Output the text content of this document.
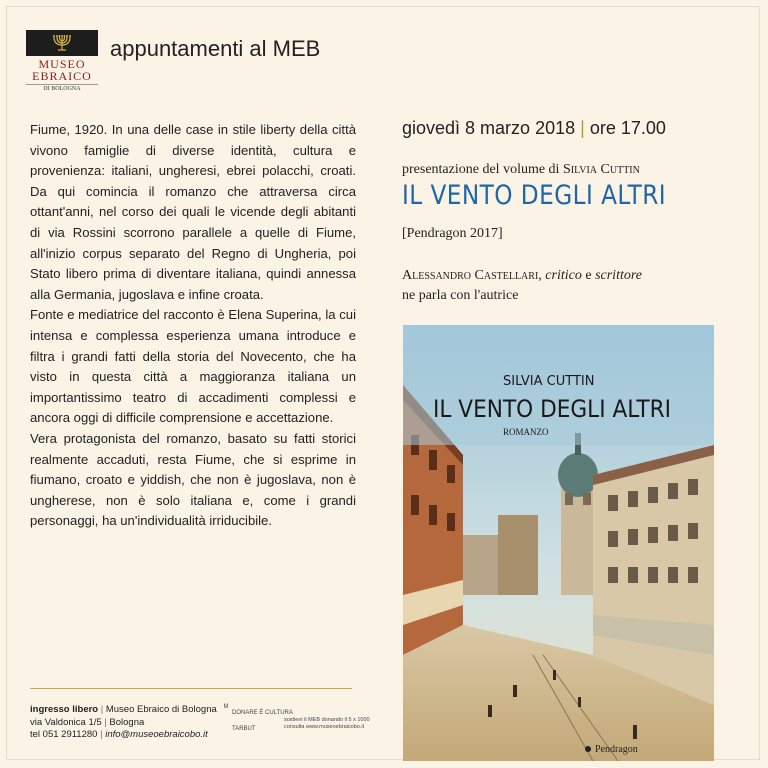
MUSEO
EBRAICO
DI BOLOGNA
appuntamenti al MEB

Fiume, 1920. In una delle case in stile liberty della città vivono famiglie di diverse identità, cultura e provenienza: italiani, ungheresi, ebrei polacchi, croati. Da qui comincia il romanzo che attraversa circa ottant'anni, nel corso dei quali le vicende degli abitanti di via Rossini scorrono parallele a quelle di Fiume, all'inizio corpus separato del Regno di Ungheria, poi Stato libero prima di diventare italiana, quindi annessa alla Germania, jugoslava e infine croata.

Fonte e mediatrice del racconto è Elena Superina, la cui intensa e complessa esperienza umana introduce e filtra i grandi fatti della storia del Novecento, che ha visto in questa città a maggioranza italiana un importantissimo teatro di accadimenti complessi e ancora oggi di difficile comprensione e accettazione.

Vera protagonista del romanzo, basato su fatti storici realmente accaduti, resta Fiume, che si esprime in fiumano, croato e yiddish, che non è jugoslava, non è ungherese, non è solo italiana e, come i grandi personaggi, ha un'individualità irriducibile.

giovedì 8 marzo 2018 | ore 17.00
presentazione del volume di Silvia Cuttin
IL VENTO DEGLI ALTRI
[Pendragon 2017]
Alessandro Castellari, critico e scrittore
ne parla con l'autrice
SILVIA CUTTIN
IL VENTO DEGLI ALTRI
ROMANZO
Pendragon
ingresso libero | Museo Ebraico di Bologna
via Valdonica 1/5 | Bologna
tel 051 2911280 | info@museoebraicobo.it
M
DONARE È CULTURA
TARBUT
sostieni il MEB donando il 5 x 1000
consulta www.museoebraicobo.it
